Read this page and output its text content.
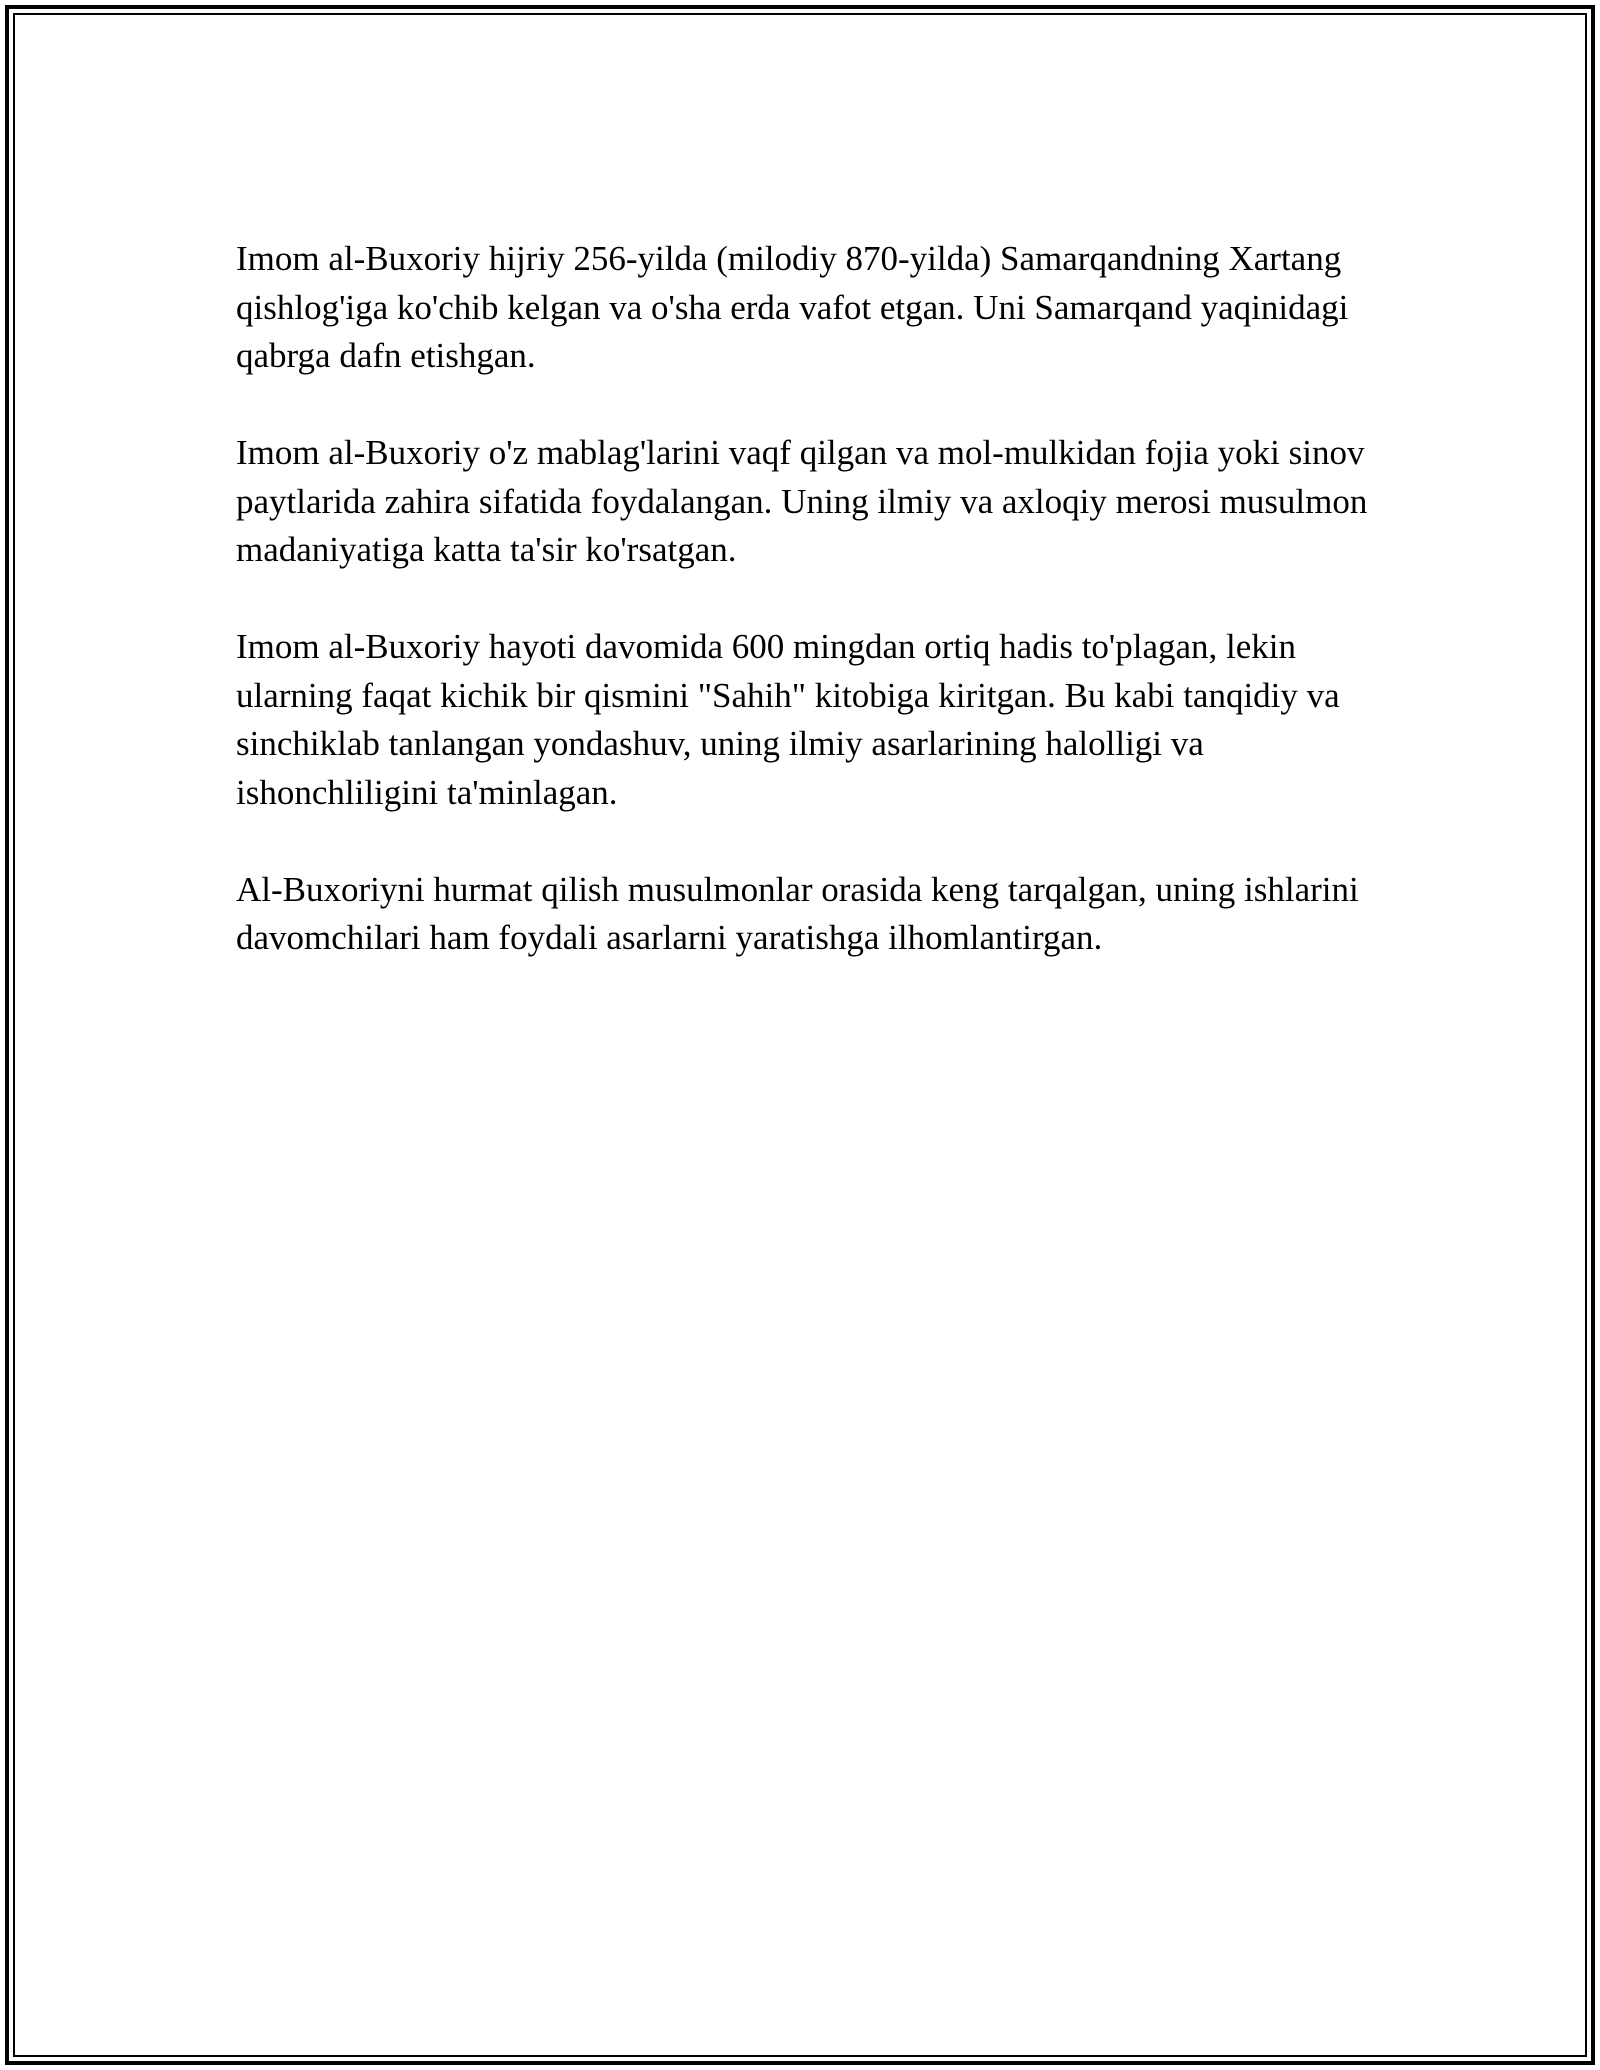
Imom al-Buxoriy hijriy 256-yilda (milodiy 870-yilda) Samarqandning Xartang qishlog'iga ko'chib kelgan va o'sha erda vafot etgan. Uni Samarqand yaqinidagi qabrga dafn etishgan.

Imom al-Buxoriy o'z mablag'larini vaqf qilgan va mol-mulkidan fojia yoki sinov paytlarida zahira sifatida foydalangan. Uning ilmiy va axloqiy merosi musulmon madaniyatiga katta ta'sir ko'rsatgan.

Imom al-Buxoriy hayoti davomida 600 mingdan ortiq hadis to'plagan, lekin ularning faqat kichik bir qismini "Sahih" kitobiga kiritgan. Bu kabi tanqidiy va sinchiklab tanlangan yondashuv, uning ilmiy asarlarining halolligi va ishonchliligini ta'minlagan.

Al-Buxoriyni hurmat qilish musulmonlar orasida keng tarqalgan, uning ishlarini davomchilari ham foydali asarlarni yaratishga ilhomlantirgan.
